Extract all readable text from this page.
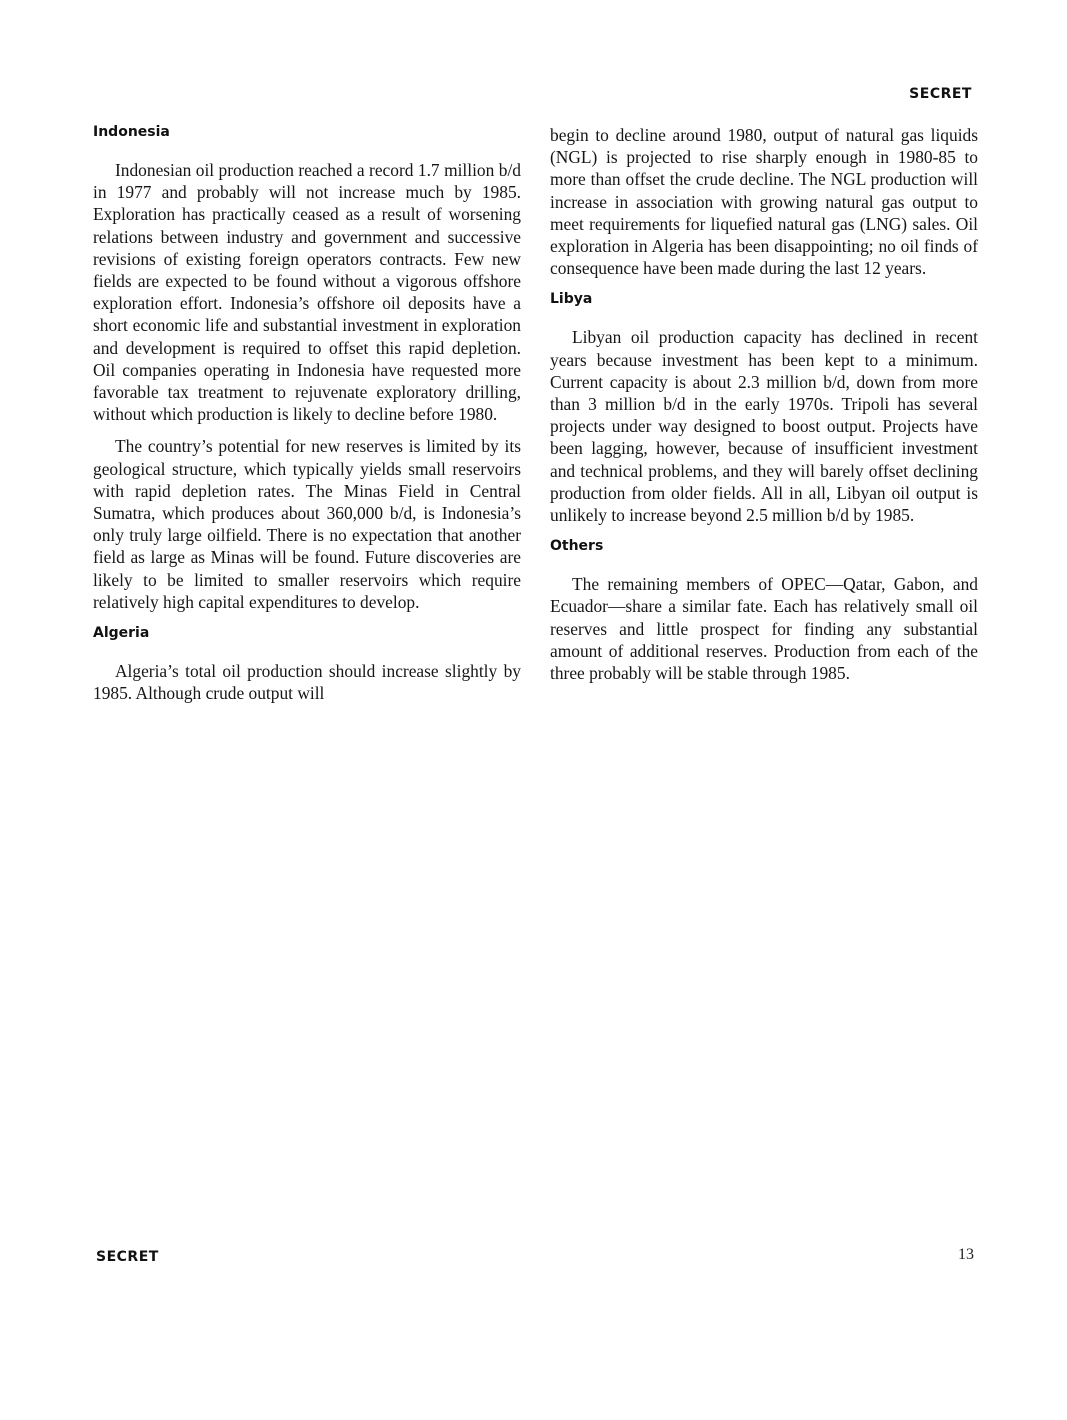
SECRET
Indonesia

Indonesian oil production reached a record 1.7 million b/d in 1977 and probably will not increase much by 1985. Exploration has practically ceased as a result of worsening relations between industry and government and successive revisions of existing foreign operators contracts. Few new fields are expected to be found without a vigorous offshore exploration effort. Indonesia’s offshore oil deposits have a short economic life and substantial investment in exploration and development is required to offset this rapid depletion. Oil companies operating in Indonesia have requested more favorable tax treatment to rejuvenate exploratory drilling, without which production is likely to decline before 1980.

The country’s potential for new reserves is limited by its geological structure, which typically yields small reservoirs with rapid depletion rates. The Minas Field in Central Sumatra, which produces about 360,000 b/d, is Indonesia’s only truly large oilfield. There is no expectation that another field as large as Minas will be found. Future discoveries are likely to be limited to smaller reservoirs which require relatively high capital expenditures to develop.

Algeria

Algeria’s total oil production should increase slightly by 1985. Although crude output will

begin to decline around 1980, output of natural gas liquids (NGL) is projected to rise sharply enough in 1980-85 to more than offset the crude decline. The NGL production will increase in association with growing natural gas output to meet requirements for liquefied natural gas (LNG) sales. Oil exploration in Algeria has been disappointing; no oil finds of consequence have been made during the last 12 years.

Libya

Libyan oil production capacity has declined in recent years because investment has been kept to a minimum. Current capacity is about 2.3 million b/d, down from more than 3 million b/d in the early 1970s. Tripoli has several projects under way designed to boost output. Projects have been lagging, however, because of insufficient investment and technical problems, and they will barely offset declining production from older fields. All in all, Libyan oil output is unlikely to increase beyond 2.5 million b/d by 1985.

Others

The remaining members of OPEC—Qatar, Gabon, and Ecuador—share a similar fate. Each has relatively small oil reserves and little prospect for finding any substantial amount of additional reserves. Production from each of the three probably will be stable through 1985.

SECRET	13
